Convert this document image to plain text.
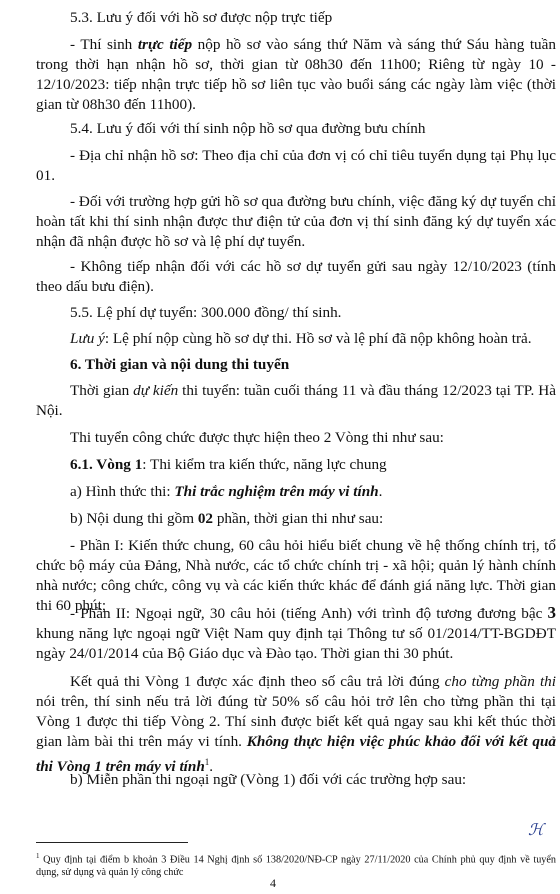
5.3. Lưu ý đối với hồ sơ được nộp trực tiếp
- Thí sinh trực tiếp nộp hồ sơ vào sáng thứ Năm và sáng thứ Sáu hàng tuần trong thời hạn nhận hồ sơ, thời gian từ 08h30 đến 11h00; Riêng từ ngày 10 - 12/10/2023: tiếp nhận trực tiếp hồ sơ liên tục vào buổi sáng các ngày làm việc (thời gian từ 08h30 đến 11h00).
5.4. Lưu ý đối với thí sinh nộp hồ sơ qua đường bưu chính
- Địa chỉ nhận hồ sơ: Theo địa chỉ của đơn vị có chỉ tiêu tuyển dụng tại Phụ lục 01.
- Đối với trường hợp gửi hồ sơ qua đường bưu chính, việc đăng ký dự tuyển chỉ hoàn tất khi thí sinh nhận được thư điện tử của đơn vị thí sinh đăng ký dự tuyển xác nhận đã nhận được hồ sơ và lệ phí dự tuyển.
- Không tiếp nhận đối với các hồ sơ dự tuyển gửi sau ngày 12/10/2023 (tính theo dấu bưu điện).
5.5. Lệ phí dự tuyển: 300.000 đồng/ thí sinh.
Lưu ý: Lệ phí nộp cùng hồ sơ dự thi. Hồ sơ và lệ phí đã nộp không hoàn trả.
6. Thời gian và nội dung thi tuyển
Thời gian dự kiến thi tuyển: tuần cuối tháng 11 và đầu tháng 12/2023 tại TP. Hà Nội.
Thi tuyển công chức được thực hiện theo 2 Vòng thi như sau:
6.1. Vòng 1: Thi kiểm tra kiến thức, năng lực chung
a) Hình thức thi: Thi trắc nghiệm trên máy vi tính.
b) Nội dung thi gồm 02 phần, thời gian thi như sau:
- Phần I: Kiến thức chung, 60 câu hỏi hiểu biết chung về hệ thống chính trị, tổ chức bộ máy của Đảng, Nhà nước, các tổ chức chính trị - xã hội; quản lý hành chính nhà nước; công chức, công vụ và các kiến thức khác để đánh giá năng lực. Thời gian thi 60 phút;
- Phần II: Ngoại ngữ, 30 câu hỏi (tiếng Anh) với trình độ tương đương bậc 3 khung năng lực ngoại ngữ Việt Nam quy định tại Thông tư số 01/2014/TT-BGDĐT ngày 24/01/2014 của Bộ Giáo dục và Đào tạo. Thời gian thi 30 phút.
Kết quả thi Vòng 1 được xác định theo số câu trả lời đúng cho từng phần thi nói trên, thí sinh nếu trả lời đúng từ 50% số câu hỏi trở lên cho từng phần thi tại Vòng 1 được thi tiếp Vòng 2. Thí sinh được biết kết quả ngay sau khi kết thúc thời gian làm bài thi trên máy vi tính. Không thực hiện việc phúc khảo đối với kết quả thi Vòng 1 trên máy vi tính$^1$.
b) Miễn phần thi ngoại ngữ (Vòng 1) đối với các trường hợp sau:
ℋ
$^1$ Quy định tại điểm b khoản 3 Điều 14 Nghị định số 138/2020/NĐ-CP ngày 27/11/2020 của Chính phủ quy định về tuyển dụng, sử dụng và quản lý công chức
4
